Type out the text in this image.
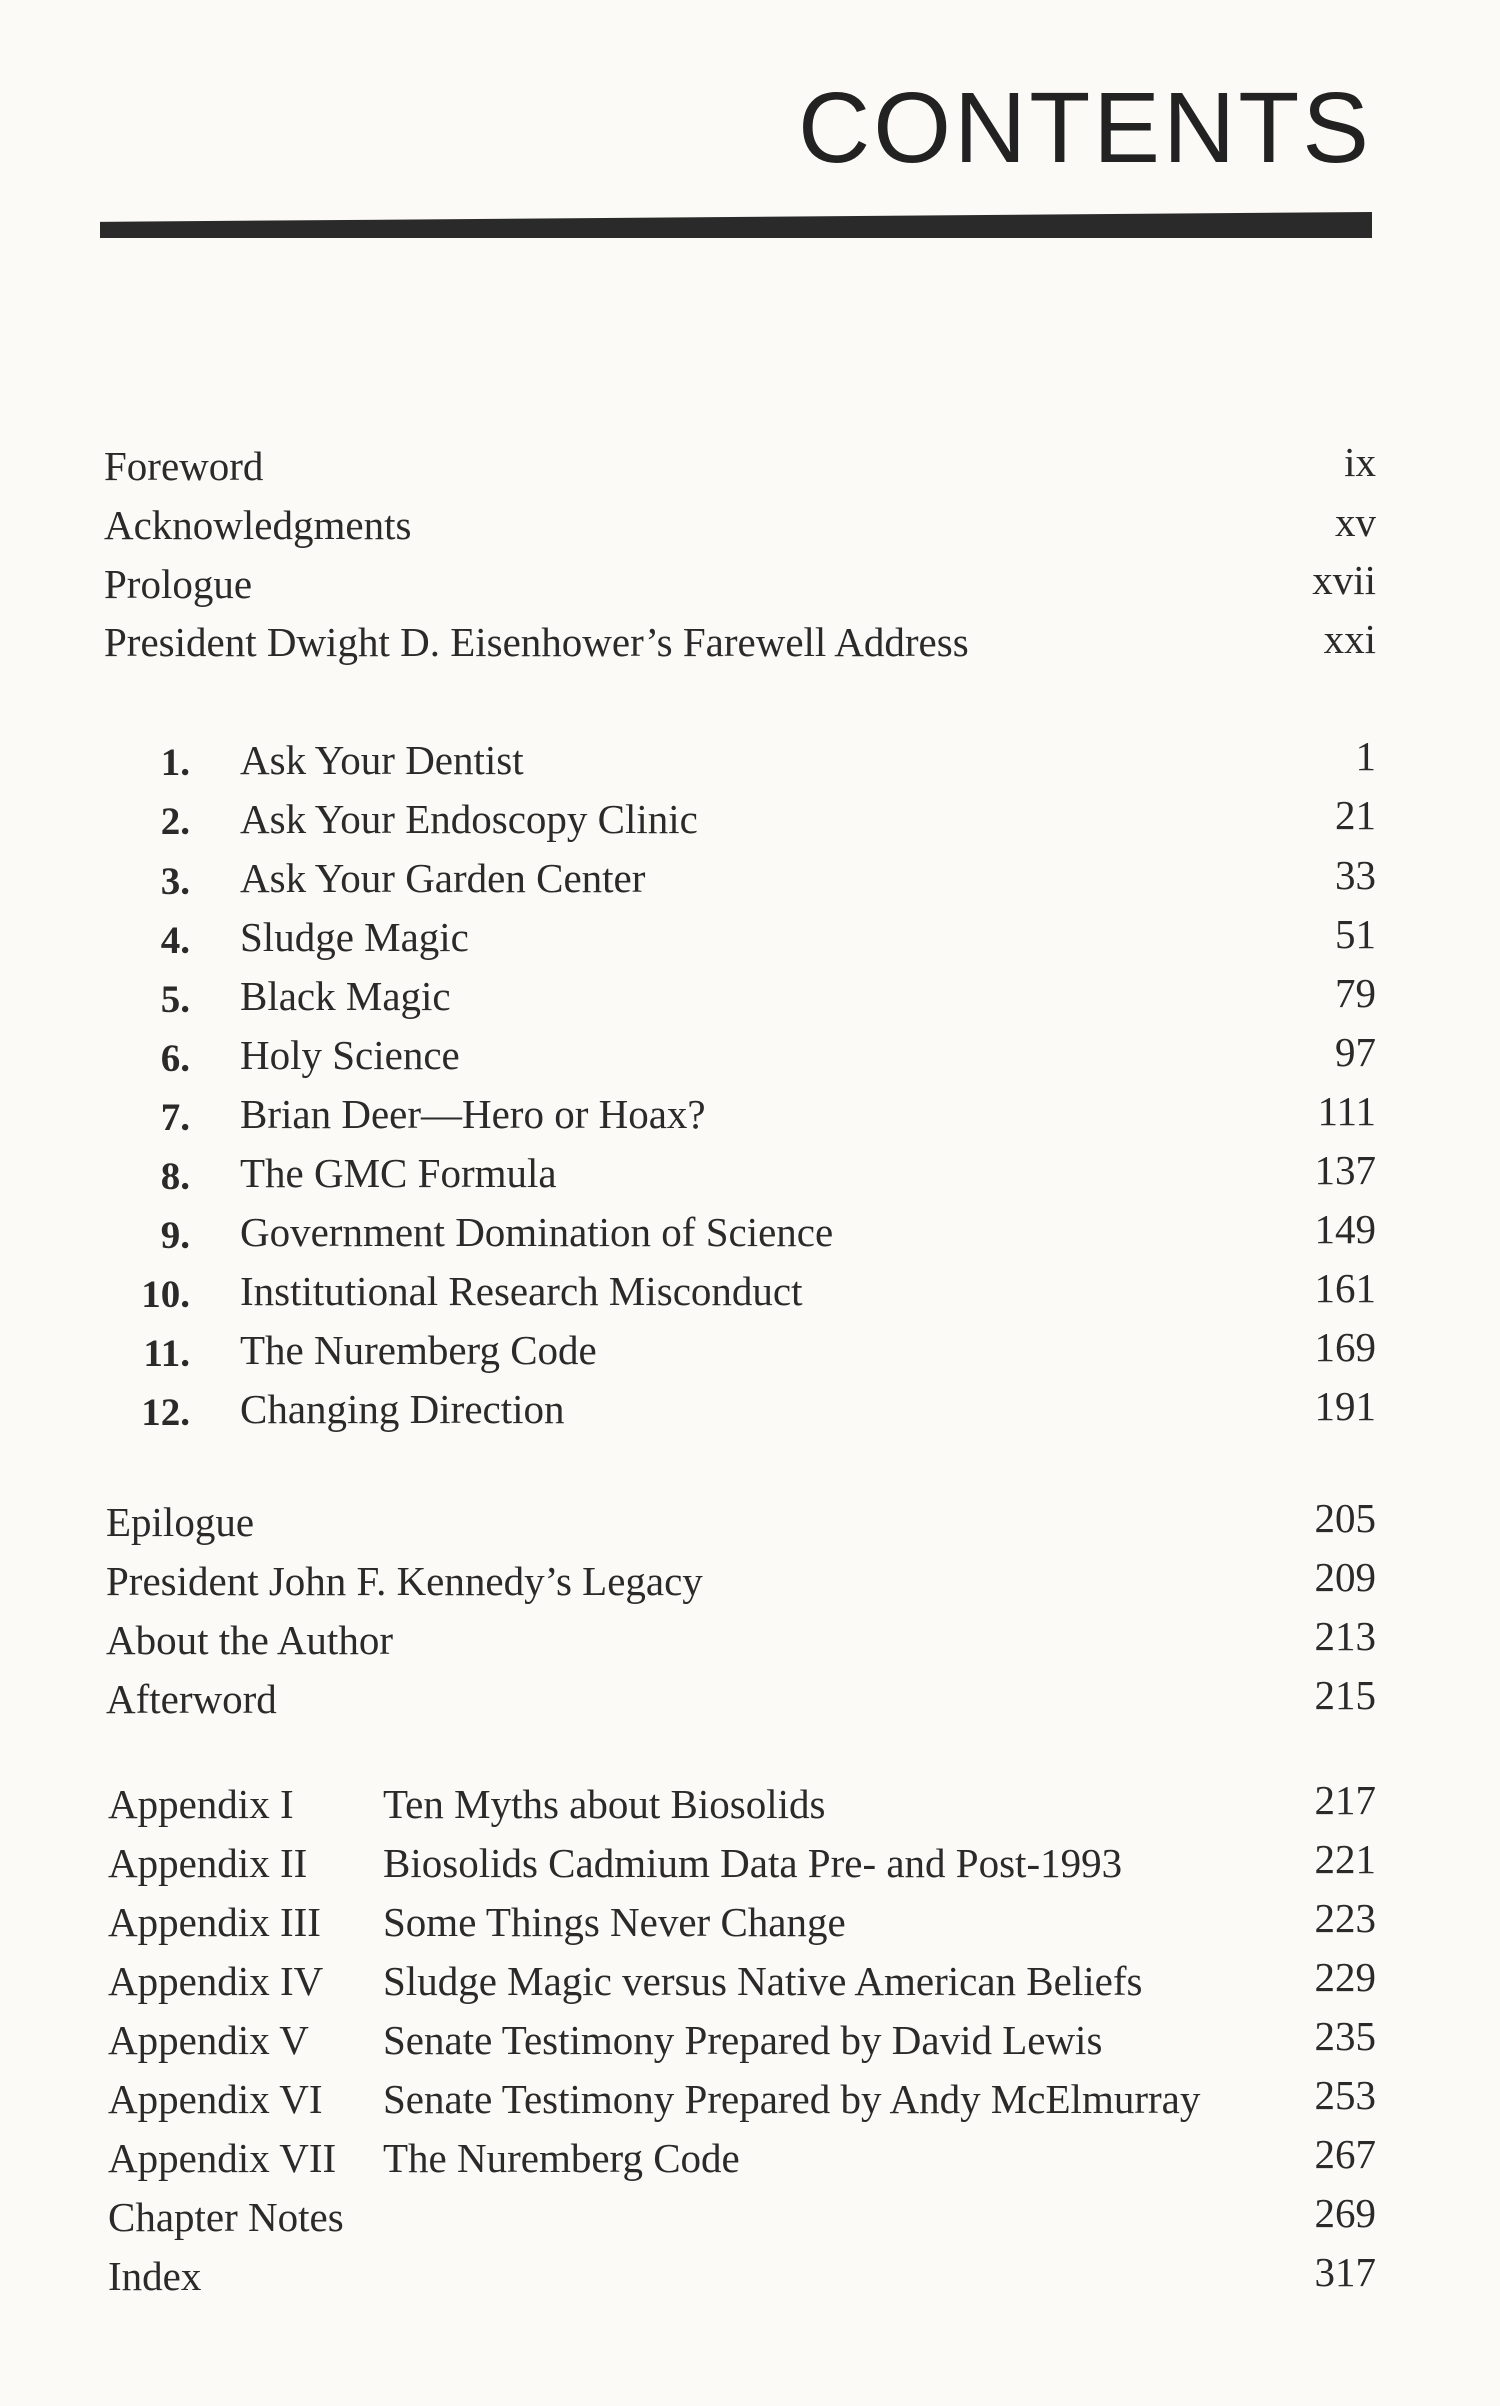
CONTENTS
Foreword	ix
Acknowledgments	xv
Prologue	xvii
President Dwight D. Eisenhower’s Farewell Address	xxi
1. Ask Your Dentist	1
2. Ask Your Endoscopy Clinic	21
3. Ask Your Garden Center	33
4. Sludge Magic	51
5. Black Magic	79
6. Holy Science	97
7. Brian Deer—Hero or Hoax?	111
8. The GMC Formula	137
9. Government Domination of Science	149
10. Institutional Research Misconduct	161
11. The Nuremberg Code	169
12. Changing Direction	191
Epilogue	205
President John F. Kennedy’s Legacy	209
About the Author	213
Afterword	215
Appendix I Ten Myths about Biosolids	217
Appendix II Biosolids Cadmium Data Pre- and Post-1993	221
Appendix III Some Things Never Change	223
Appendix IV Sludge Magic versus Native American Beliefs	229
Appendix V Senate Testimony Prepared by David Lewis	235
Appendix VI Senate Testimony Prepared by Andy McElmurray	253
Appendix VII The Nuremberg Code	267
Chapter Notes	269
Index	317
